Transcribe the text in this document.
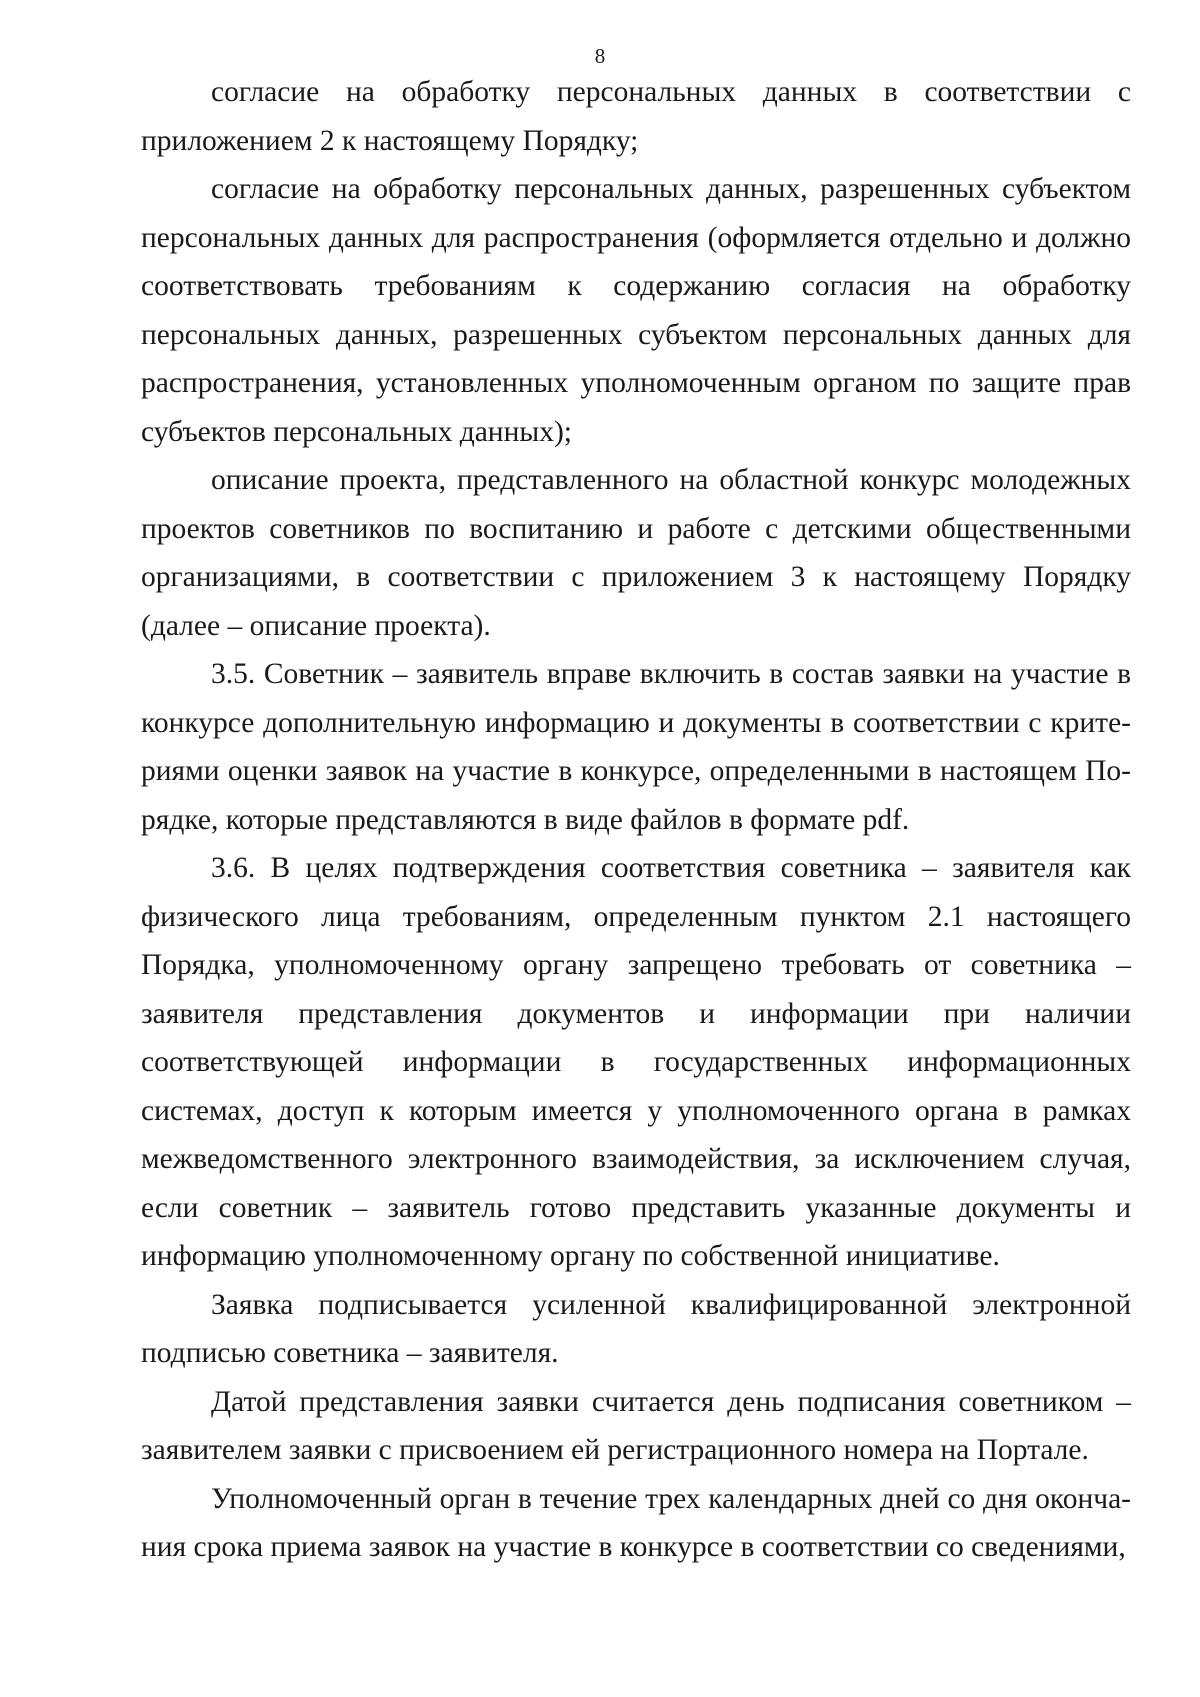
8

согласие на обработку персональных данных в соответствии с приложением 2 к настоящему Порядку;

согласие на обработку персональных данных, разрешенных субъектом персональных данных для распространения (оформляется отдельно и должно соответствовать требованиям к содержанию согласия на обработку персональных данных, разрешенных субъектом персональных данных для распространения, установленных уполномоченным органом по защите прав субъектов персональных данных);

описание проекта, представленного на областной конкурс молодежных проектов советников по воспитанию и работе с детскими общественными организациями, в соответствии с приложением 3 к настоящему Порядку (далее – описание проекта).

3.5. Советник – заявитель вправе включить в состав заявки на участие в конкурсе дополнительную информацию и документы в соответствии с критериями оценки заявок на участие в конкурсе, определенными в настоящем Порядке, которые представляются в виде файлов в формате pdf.

3.6. В целях подтверждения соответствия советника – заявителя как физического лица требованиям, определенным пунктом 2.1 настоящего Порядка, уполномоченному органу запрещено требовать от советника – заявителя представления документов и информации при наличии соответствующей информации в государственных информационных системах, доступ к которым имеется у уполномоченного органа в рамках межведомственного электронного взаимодействия, за исключением случая, если советник – заявитель готово представить указанные документы и информацию уполномоченному органу по собственной инициативе.

Заявка подписывается усиленной квалифицированной электронной подписью советника – заявителя.

Датой представления заявки считается день подписания советником – заявителем заявки с присвоением ей регистрационного номера на Портале.

Уполномоченный орган в течение трех календарных дней со дня окончания срока приема заявок на участие в конкурсе в соответствии со сведениями,
